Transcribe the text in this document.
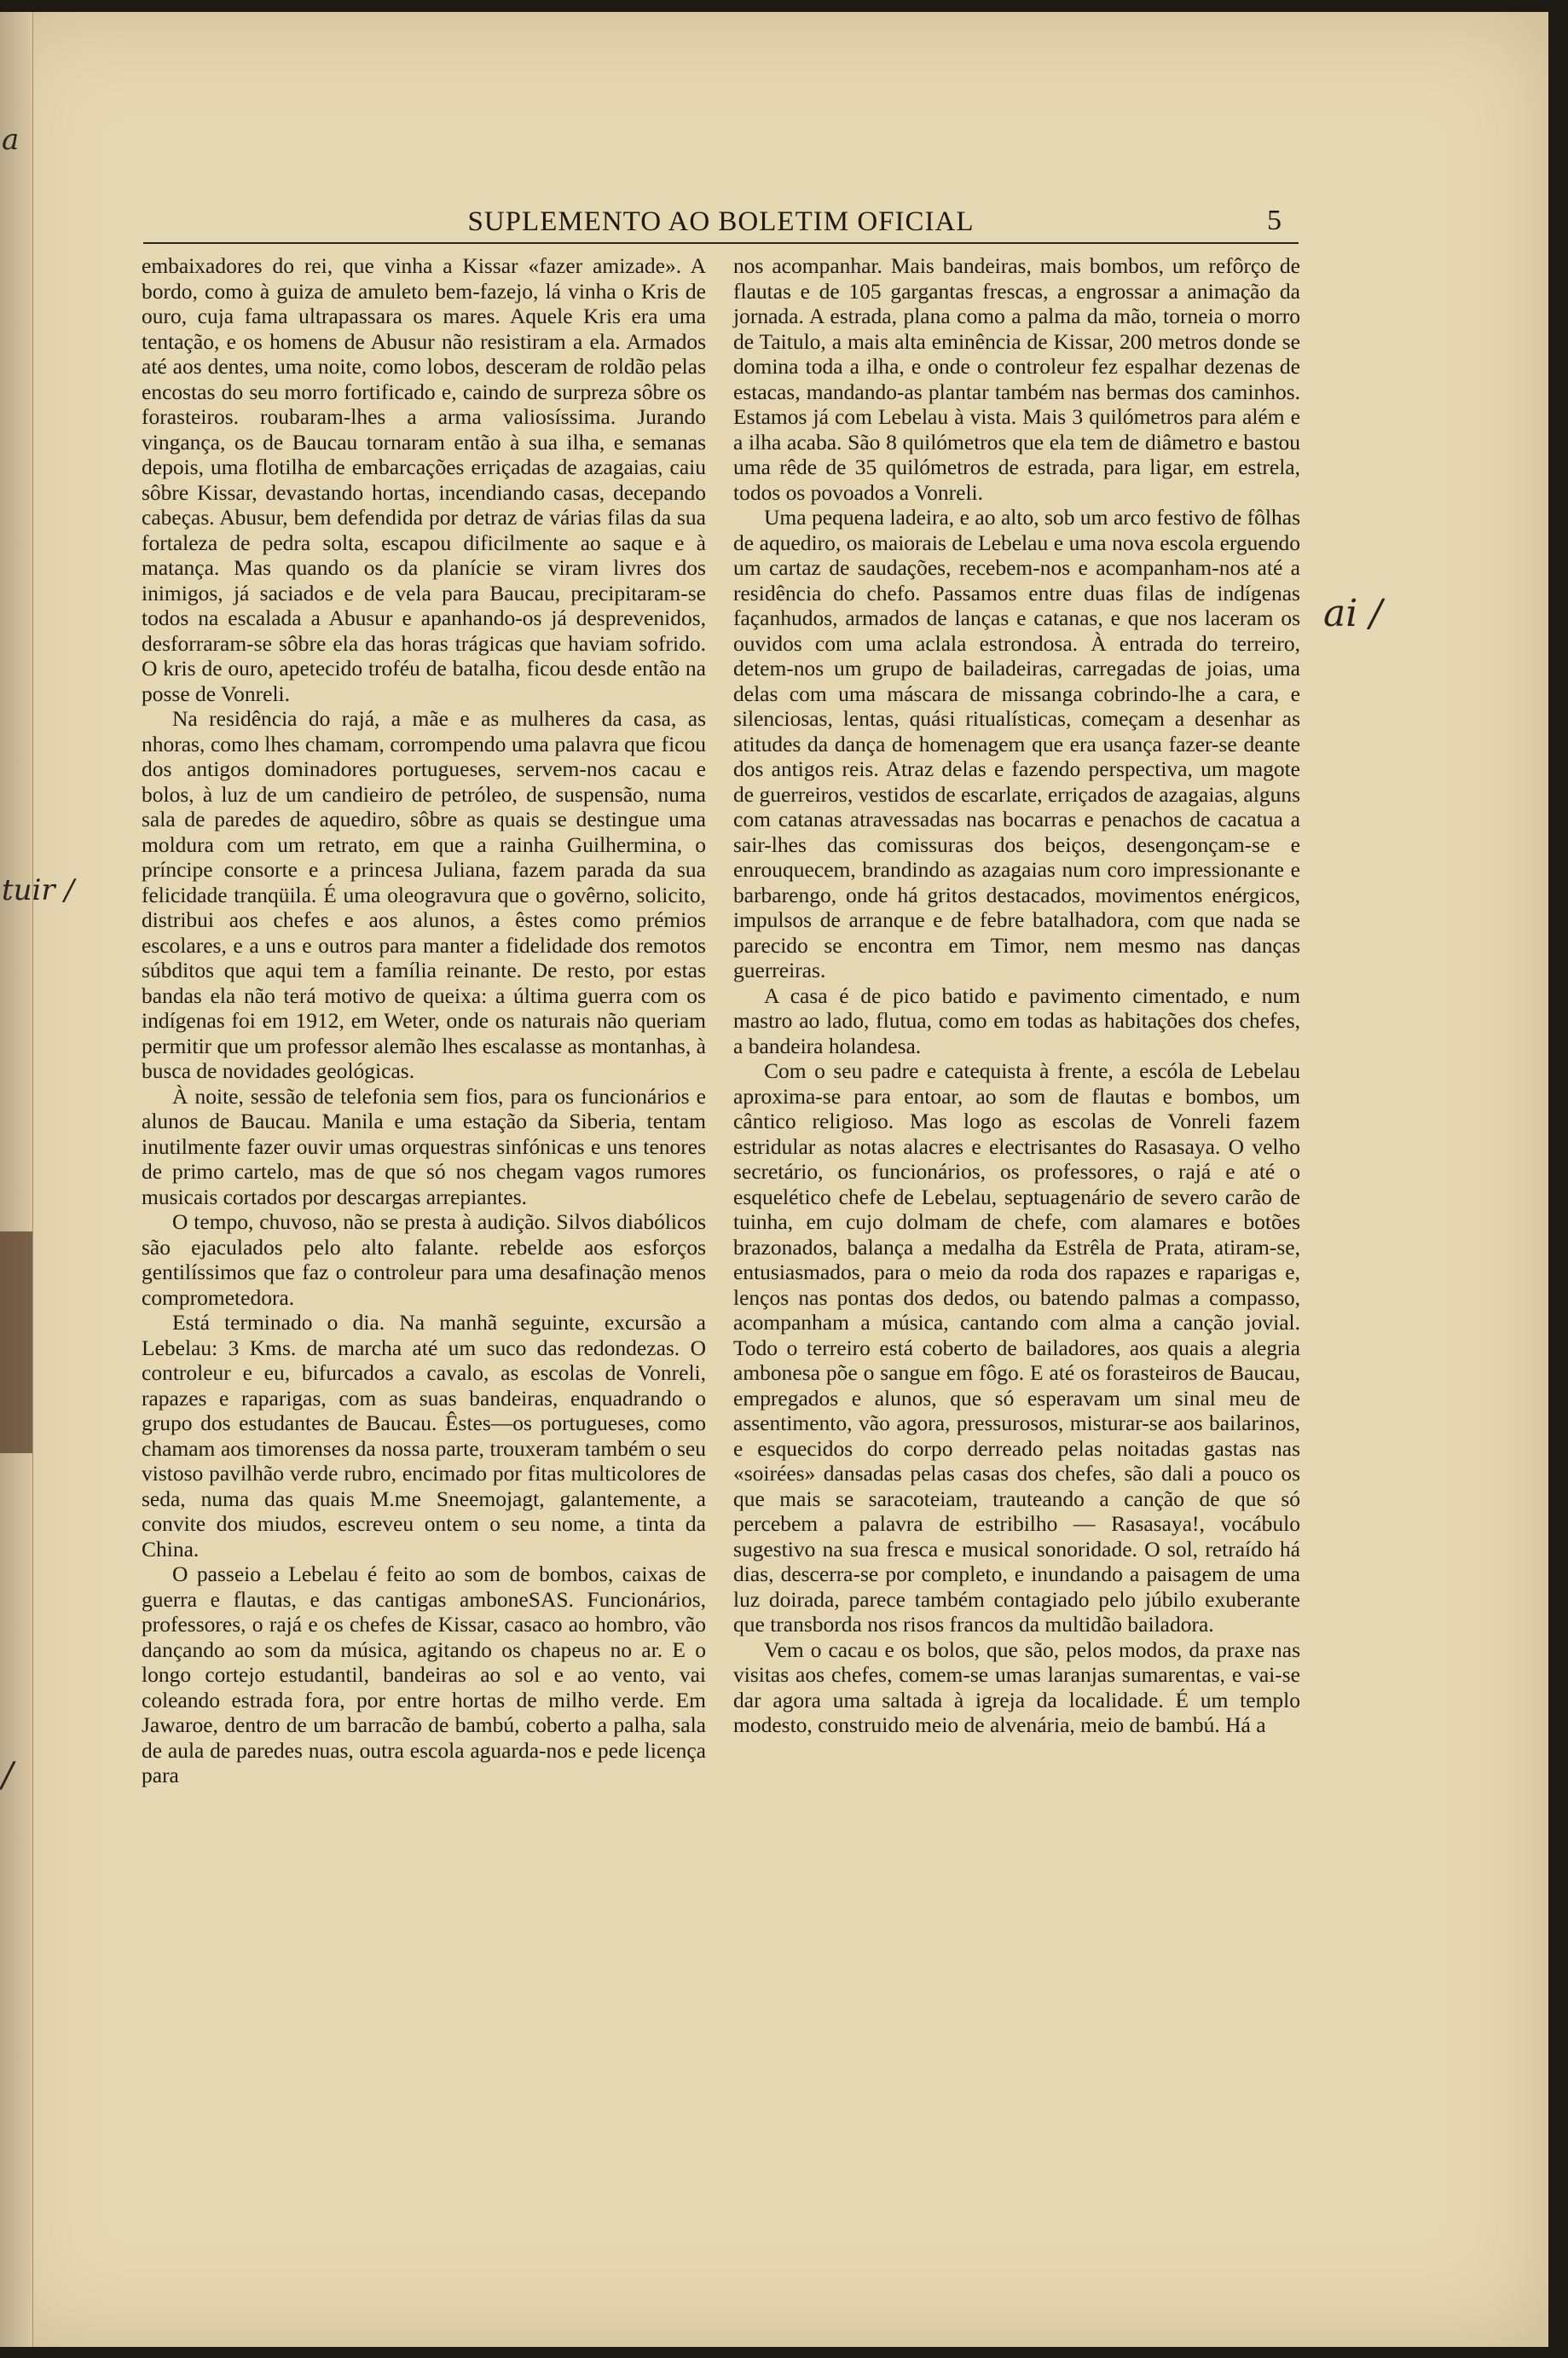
a
tuir /
/
ai /
SUPLEMENTO AO BOLETIM OFICIAL	5

embaixadores do rei, que vinha a Kissar «fazer amizade». A bordo, como à guiza de amuleto bem-fazejo, lá vinha o Kris de ouro, cuja fama ultrapassara os mares. Aquele Kris era uma tentação, e os homens de Abusur não resistiram a ela. Armados até aos dentes, uma noite, como lobos, desceram de roldão pelas encostas do seu morro fortificado e, caindo de surpreza sôbre os forasteiros. roubaram-lhes a arma valiosíssima. Jurando vingança, os de Baucau tornaram então à sua ilha, e semanas depois, uma flotilha de embarcações erriçadas de azagaias, caiu sôbre Kissar, devastando hortas, incendiando casas, decepando cabeças. Abusur, bem defendida por detraz de várias filas da sua fortaleza de pedra solta, escapou dificilmente ao saque e à matança. Mas quando os da planície se viram livres dos inimigos, já saciados e de vela para Baucau, precipitaram-se todos na escalada a Abusur e apanhando-os já desprevenidos, desforraram-se sôbre ela das horas trágicas que haviam sofrido. O kris de ouro, apetecido troféu de batalha, ficou desde então na posse de Vonreli.

Na residência do rajá, a mãe e as mulheres da casa, as nhoras, como lhes chamam, corrompendo uma palavra que ficou dos antigos dominadores portugueses, servem-nos cacau e bolos, à luz de um candieiro de petróleo, de suspensão, numa sala de paredes de aquediro, sôbre as quais se destingue uma moldura com um retrato, em que a rainha Guilhermina, o príncipe consorte e a princesa Juliana, fazem parada da sua felicidade tranqüila. É uma oleogravura que o govêrno, solicito, distribui aos chefes e aos alunos, a êstes como prémios escolares, e a uns e outros para manter a fidelidade dos remotos súbditos que aqui tem a família reinante. De resto, por estas bandas ela não terá motivo de queixa: a última guerra com os indígenas foi em 1912, em Weter, onde os naturais não queriam permitir que um professor alemão lhes escalasse as montanhas, à busca de novidades geológicas.

À noite, sessão de telefonia sem fios, para os funcionários e alunos de Baucau. Manila e uma estação da Siberia, tentam inutilmente fazer ouvir umas orquestras sinfónicas e uns tenores de primo cartelo, mas de que só nos chegam vagos rumores musicais cortados por descargas arrepiantes.

O tempo, chuvoso, não se presta à audição. Silvos diabólicos são ejaculados pelo alto falante. rebelde aos esforços gentilíssimos que faz o controleur para uma desafinação menos comprometedora.

Está terminado o dia. Na manhã seguinte, excursão a Lebelau: 3 Kms. de marcha até um suco das redondezas. O controleur e eu, bifurcados a cavalo, as escolas de Vonreli, rapazes e raparigas, com as suas bandeiras, enquadrando o grupo dos estudantes de Baucau. Êstes—os portugueses, como chamam aos timorenses da nossa parte, trouxeram também o seu vistoso pavilhão verde rubro, encimado por fitas multicolores de seda, numa das quais M.me Sneemojagt, galantemente, a convite dos miudos, escreveu ontem o seu nome, a tinta da China.

O passeio a Lebelau é feito ao som de bombos, caixas de guerra e flautas, e das cantigas amboneSAS. Funcionários, professores, o rajá e os chefes de Kissar, casaco ao hombro, vão dançando ao som da música, agitando os chapeus no ar. E o longo cortejo estudantil, bandeiras ao sol e ao vento, vai coleando estrada fora, por entre hortas de milho verde. Em Jawaroe, dentro de um barracão de bambú, coberto a palha, sala de aula de paredes nuas, outra escola aguarda-nos e pede licença para

nos acompanhar. Mais bandeiras, mais bombos, um refôrço de flautas e de 105 gargantas frescas, a engrossar a animação da jornada. A estrada, plana como a palma da mão, torneia o morro de Taitulo, a mais alta eminência de Kissar, 200 metros donde se domina toda a ilha, e onde o controleur fez espalhar dezenas de estacas, mandando-as plantar também nas bermas dos caminhos. Estamos já com Lebelau à vista. Mais 3 quilómetros para além e a ilha acaba. São 8 quilómetros que ela tem de diâmetro e bastou uma rêde de 35 quilómetros de estrada, para ligar, em estrela, todos os povoados a Vonreli.

Uma pequena ladeira, e ao alto, sob um arco festivo de fôlhas de aquediro, os maiorais de Lebelau e uma nova escola erguendo um cartaz de saudações, recebem-nos e acompanham-nos até a residência do chefo. Passamos entre duas filas de indígenas façanhudos, armados de lanças e catanas, e que nos laceram os ouvidos com uma aclala estrondosa. À entrada do terreiro, detem-nos um grupo de bailadeiras, carregadas de joias, uma delas com uma máscara de missanga cobrindo-lhe a cara, e silenciosas, lentas, quási ritualísticas, começam a desenhar as atitudes da dança de homenagem que era usança fazer-se deante dos antigos reis. Atraz delas e fazendo perspectiva, um magote de guerreiros, vestidos de escarlate, erriçados de azagaias, alguns com catanas atravessadas nas bocarras e penachos de cacatua a sair-lhes das comissuras dos beiços, desengonçam-se e enrouquecem, brandindo as azagaias num coro impressionante e barbarengo, onde há gritos destacados, movimentos enérgicos, impulsos de arranque e de febre batalhadora, com que nada se parecido se encontra em Timor, nem mesmo nas danças guerreiras.

A casa é de pico batido e pavimento cimentado, e num mastro ao lado, flutua, como em todas as habitações dos chefes, a bandeira holandesa.

Com o seu padre e catequista à frente, a escóla de Lebelau aproxima-se para entoar, ao som de flautas e bombos, um cântico religioso. Mas logo as escolas de Vonreli fazem estridular as notas alacres e electrisantes do Rasasaya. O velho secretário, os funcionários, os professores, o rajá e até o esquelético chefe de Lebelau, septuagenário de severo carão de tuinha, em cujo dolmam de chefe, com alamares e botões brazonados, balança a medalha da Estrêla de Prata, atiram-se, entusiasmados, para o meio da roda dos rapazes e raparigas e, lenços nas pontas dos dedos, ou batendo palmas a compasso, acompanham a música, cantando com alma a canção jovial. Todo o terreiro está coberto de bailadores, aos quais a alegria ambonesa põe o sangue em fôgo. E até os forasteiros de Baucau, empregados e alunos, que só esperavam um sinal meu de assentimento, vão agora, pressurosos, misturar-se aos bailarinos, e esquecidos do corpo derreado pelas noitadas gastas nas «soirées» dansadas pelas casas dos chefes, são dali a pouco os que mais se saracoteiam, trauteando a canção de que só percebem a palavra de estribilho — Rasasaya!, vocábulo sugestivo na sua fresca e musical sonoridade. O sol, retraído há dias, descerra-se por completo, e inundando a paisagem de uma luz doirada, parece também contagiado pelo júbilo exuberante que transborda nos risos francos da multidão bailadora.

Vem o cacau e os bolos, que são, pelos modos, da praxe nas visitas aos chefes, comem-se umas laranjas sumarentas, e vai-se dar agora uma saltada à igreja da localidade. É um templo modesto, construido meio de alvenária, meio de bambú. Há a
